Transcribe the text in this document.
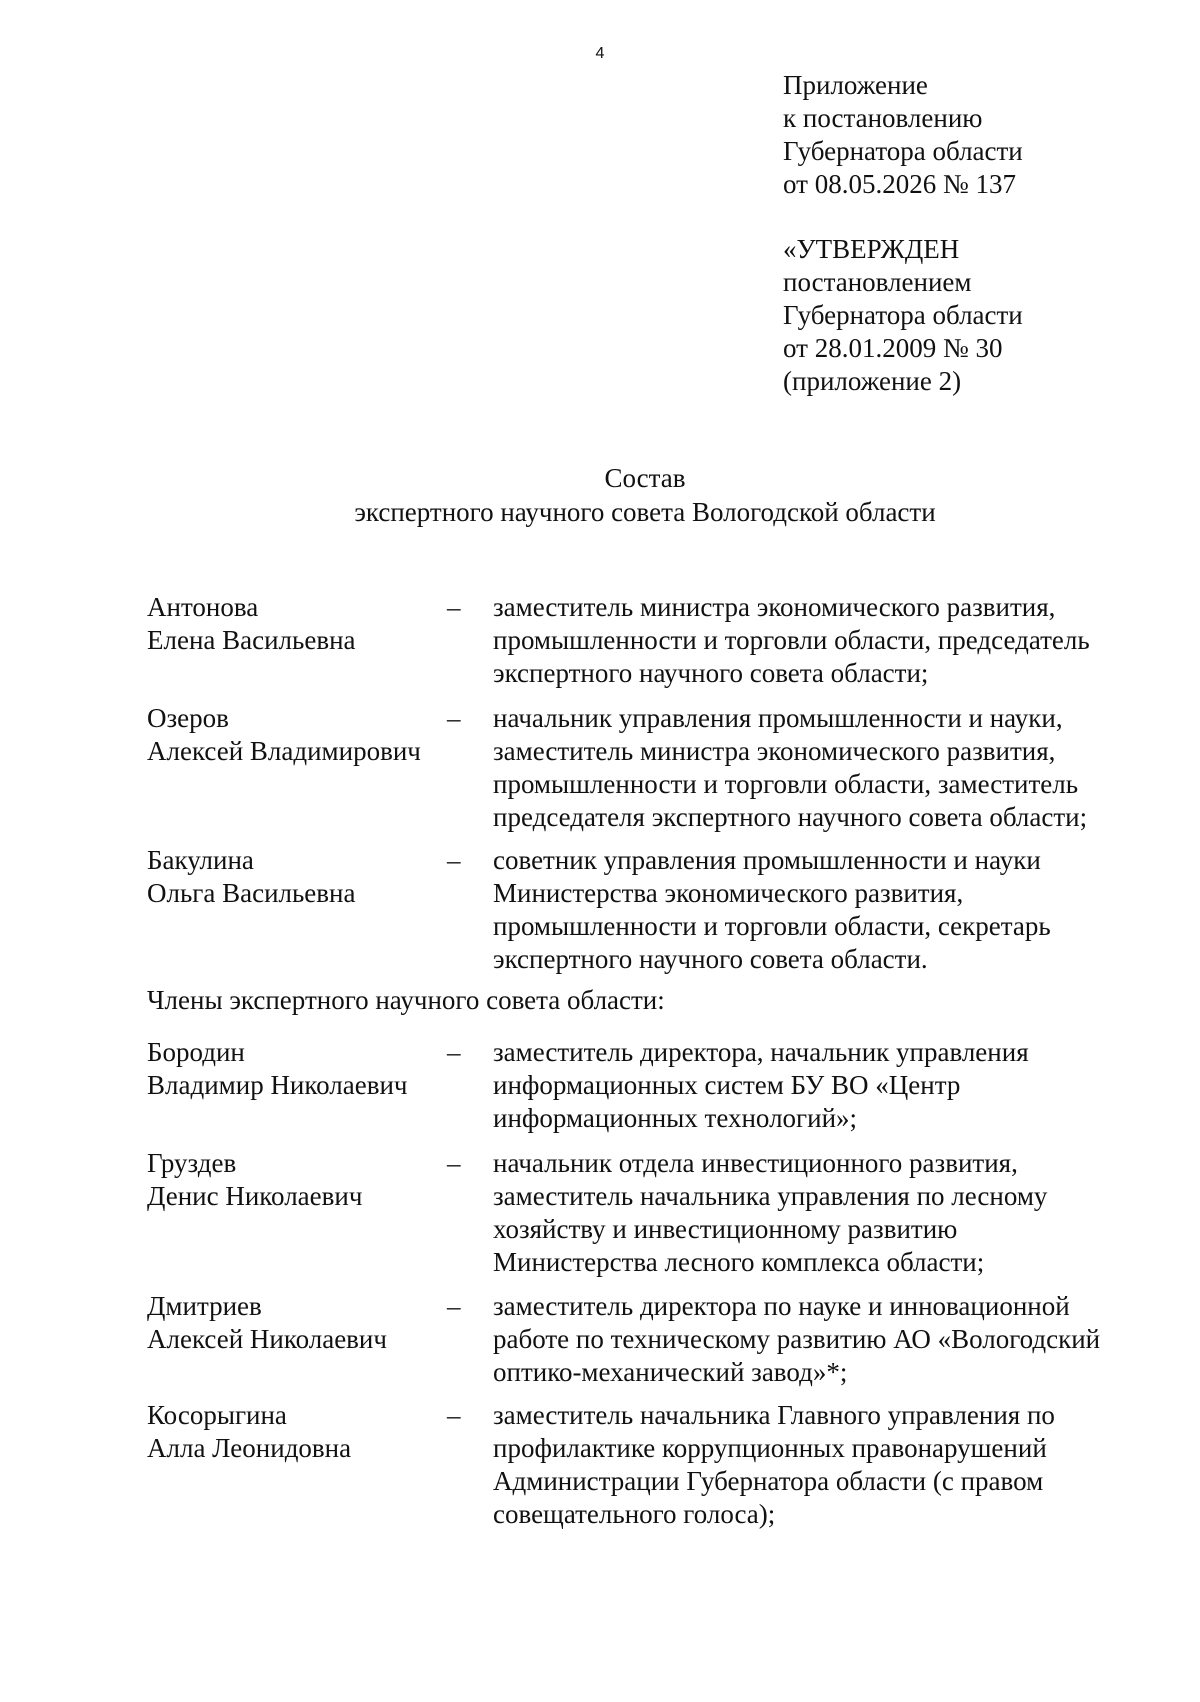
4
Приложение
к постановлению
Губернатора области
от 08.05.2026 № 137
«УТВЕРЖДЕН
постановлением
Губернатора области
от 28.01.2009 № 30
(приложение 2)
Состав
экспертного научного совета Вологодской области
Антонова
Елена Васильевна
– заместитель министра экономического развития,
промышленности и торговли области, председатель
экспертного научного совета области;
Озеров
Алексей Владимирович
– начальник управления промышленности и науки,
заместитель министра экономического развития,
промышленности и торговли области, заместитель
председателя экспертного научного совета области;
Бакулина
Ольга Васильевна
– советник управления промышленности и науки
Министерства экономического развития,
промышленности и торговли области, секретарь
экспертного научного совета области.
Члены экспертного научного совета области:
Бородин
Владимир Николаевич
– заместитель директора, начальник управления
информационных систем БУ ВО «Центр
информационных технологий»;
Груздев
Денис Николаевич
– начальник отдела инвестиционного развития,
заместитель начальника управления по лесному
хозяйству и инвестиционному развитию
Министерства лесного комплекса области;
Дмитриев
Алексей Николаевич
– заместитель директора по науке и инновационной
работе по техническому развитию АО «Вологодский
оптико-механический завод»*;
Косорыгина
Алла Леонидовна
– заместитель начальника Главного управления по
профилактике коррупционных правонарушений
Администрации Губернатора области (с правом
совещательного голоса);
